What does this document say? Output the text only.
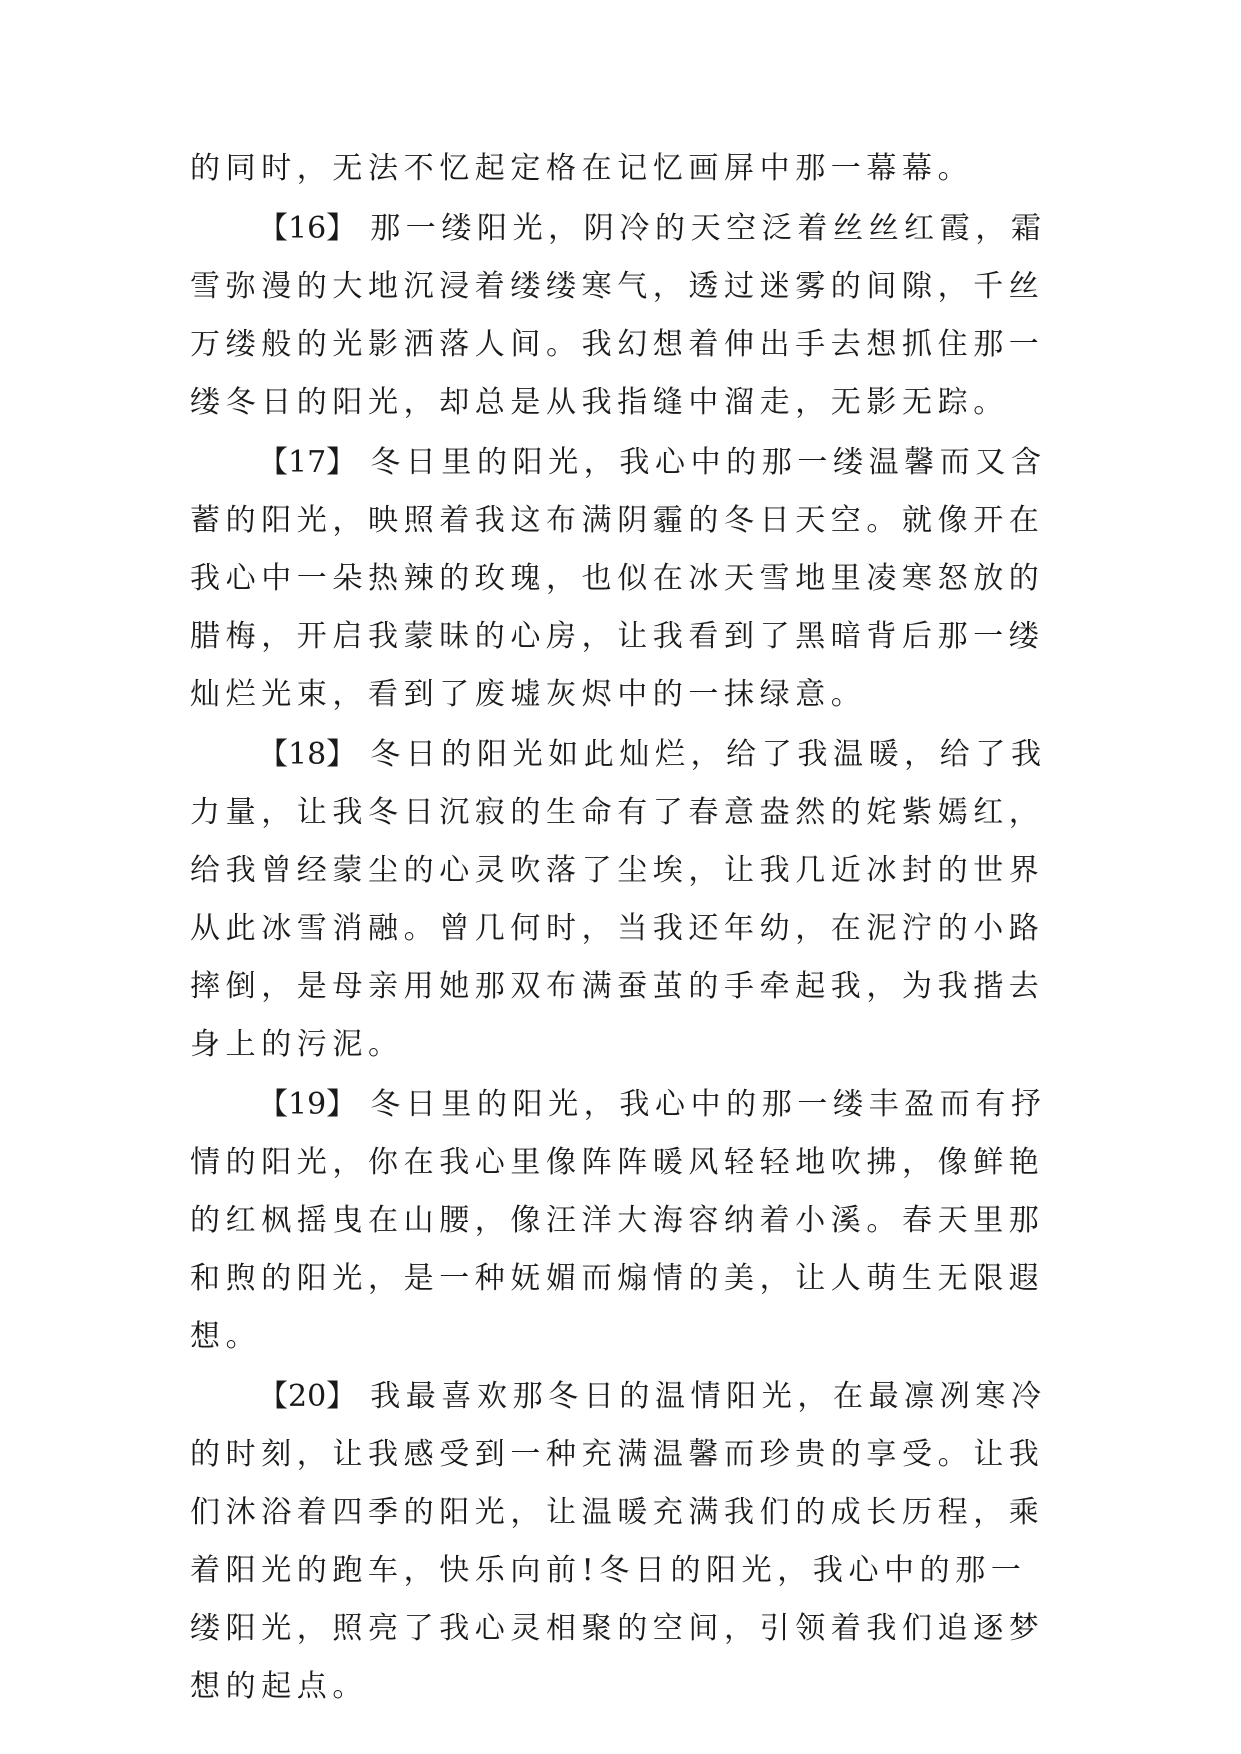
的同时，无法不忆起定格在记忆画屏中那一幕幕。

【16】 那一缕阳光，阴冷的天空泛着丝丝红霞，霜雪弥漫的大地沉浸着缕缕寒气，透过迷雾的间隙，千丝万缕般的光影洒落人间。我幻想着伸出手去想抓住那一缕冬日的阳光，却总是从我指缝中溜走，无影无踪。

【17】 冬日里的阳光，我心中的那一缕温馨而又含蓄的阳光，映照着我这布满阴霾的冬日天空。就像开在我心中一朵热辣的玫瑰，也似在冰天雪地里凌寒怒放的腊梅，开启我蒙昧的心房，让我看到了黑暗背后那一缕灿烂光束，看到了废墟灰烬中的一抹绿意。

【18】 冬日的阳光如此灿烂，给了我温暖，给了我力量，让我冬日沉寂的生命有了春意盎然的姹紫嫣红，给我曾经蒙尘的心灵吹落了尘埃，让我几近冰封的世界从此冰雪消融。曾几何时，当我还年幼，在泥泞的小路摔倒，是母亲用她那双布满蚕茧的手牵起我，为我揩去身上的污泥。

【19】 冬日里的阳光，我心中的那一缕丰盈而有抒情的阳光，你在我心里像阵阵暖风轻轻地吹拂，像鲜艳的红枫摇曳在山腰，像汪洋大海容纳着小溪。春天里那和煦的阳光，是一种妩媚而煽情的美，让人萌生无限遐想。

【20】 我最喜欢那冬日的温情阳光，在最凛冽寒冷的时刻，让我感受到一种充满温馨而珍贵的享受。让我们沐浴着四季的阳光，让温暖充满我们的成长历程，乘着阳光的跑车，快乐向前!冬日的阳光，我心中的那一缕阳光，照亮了我心灵相聚的空间，引领着我们追逐梦想的起点。
